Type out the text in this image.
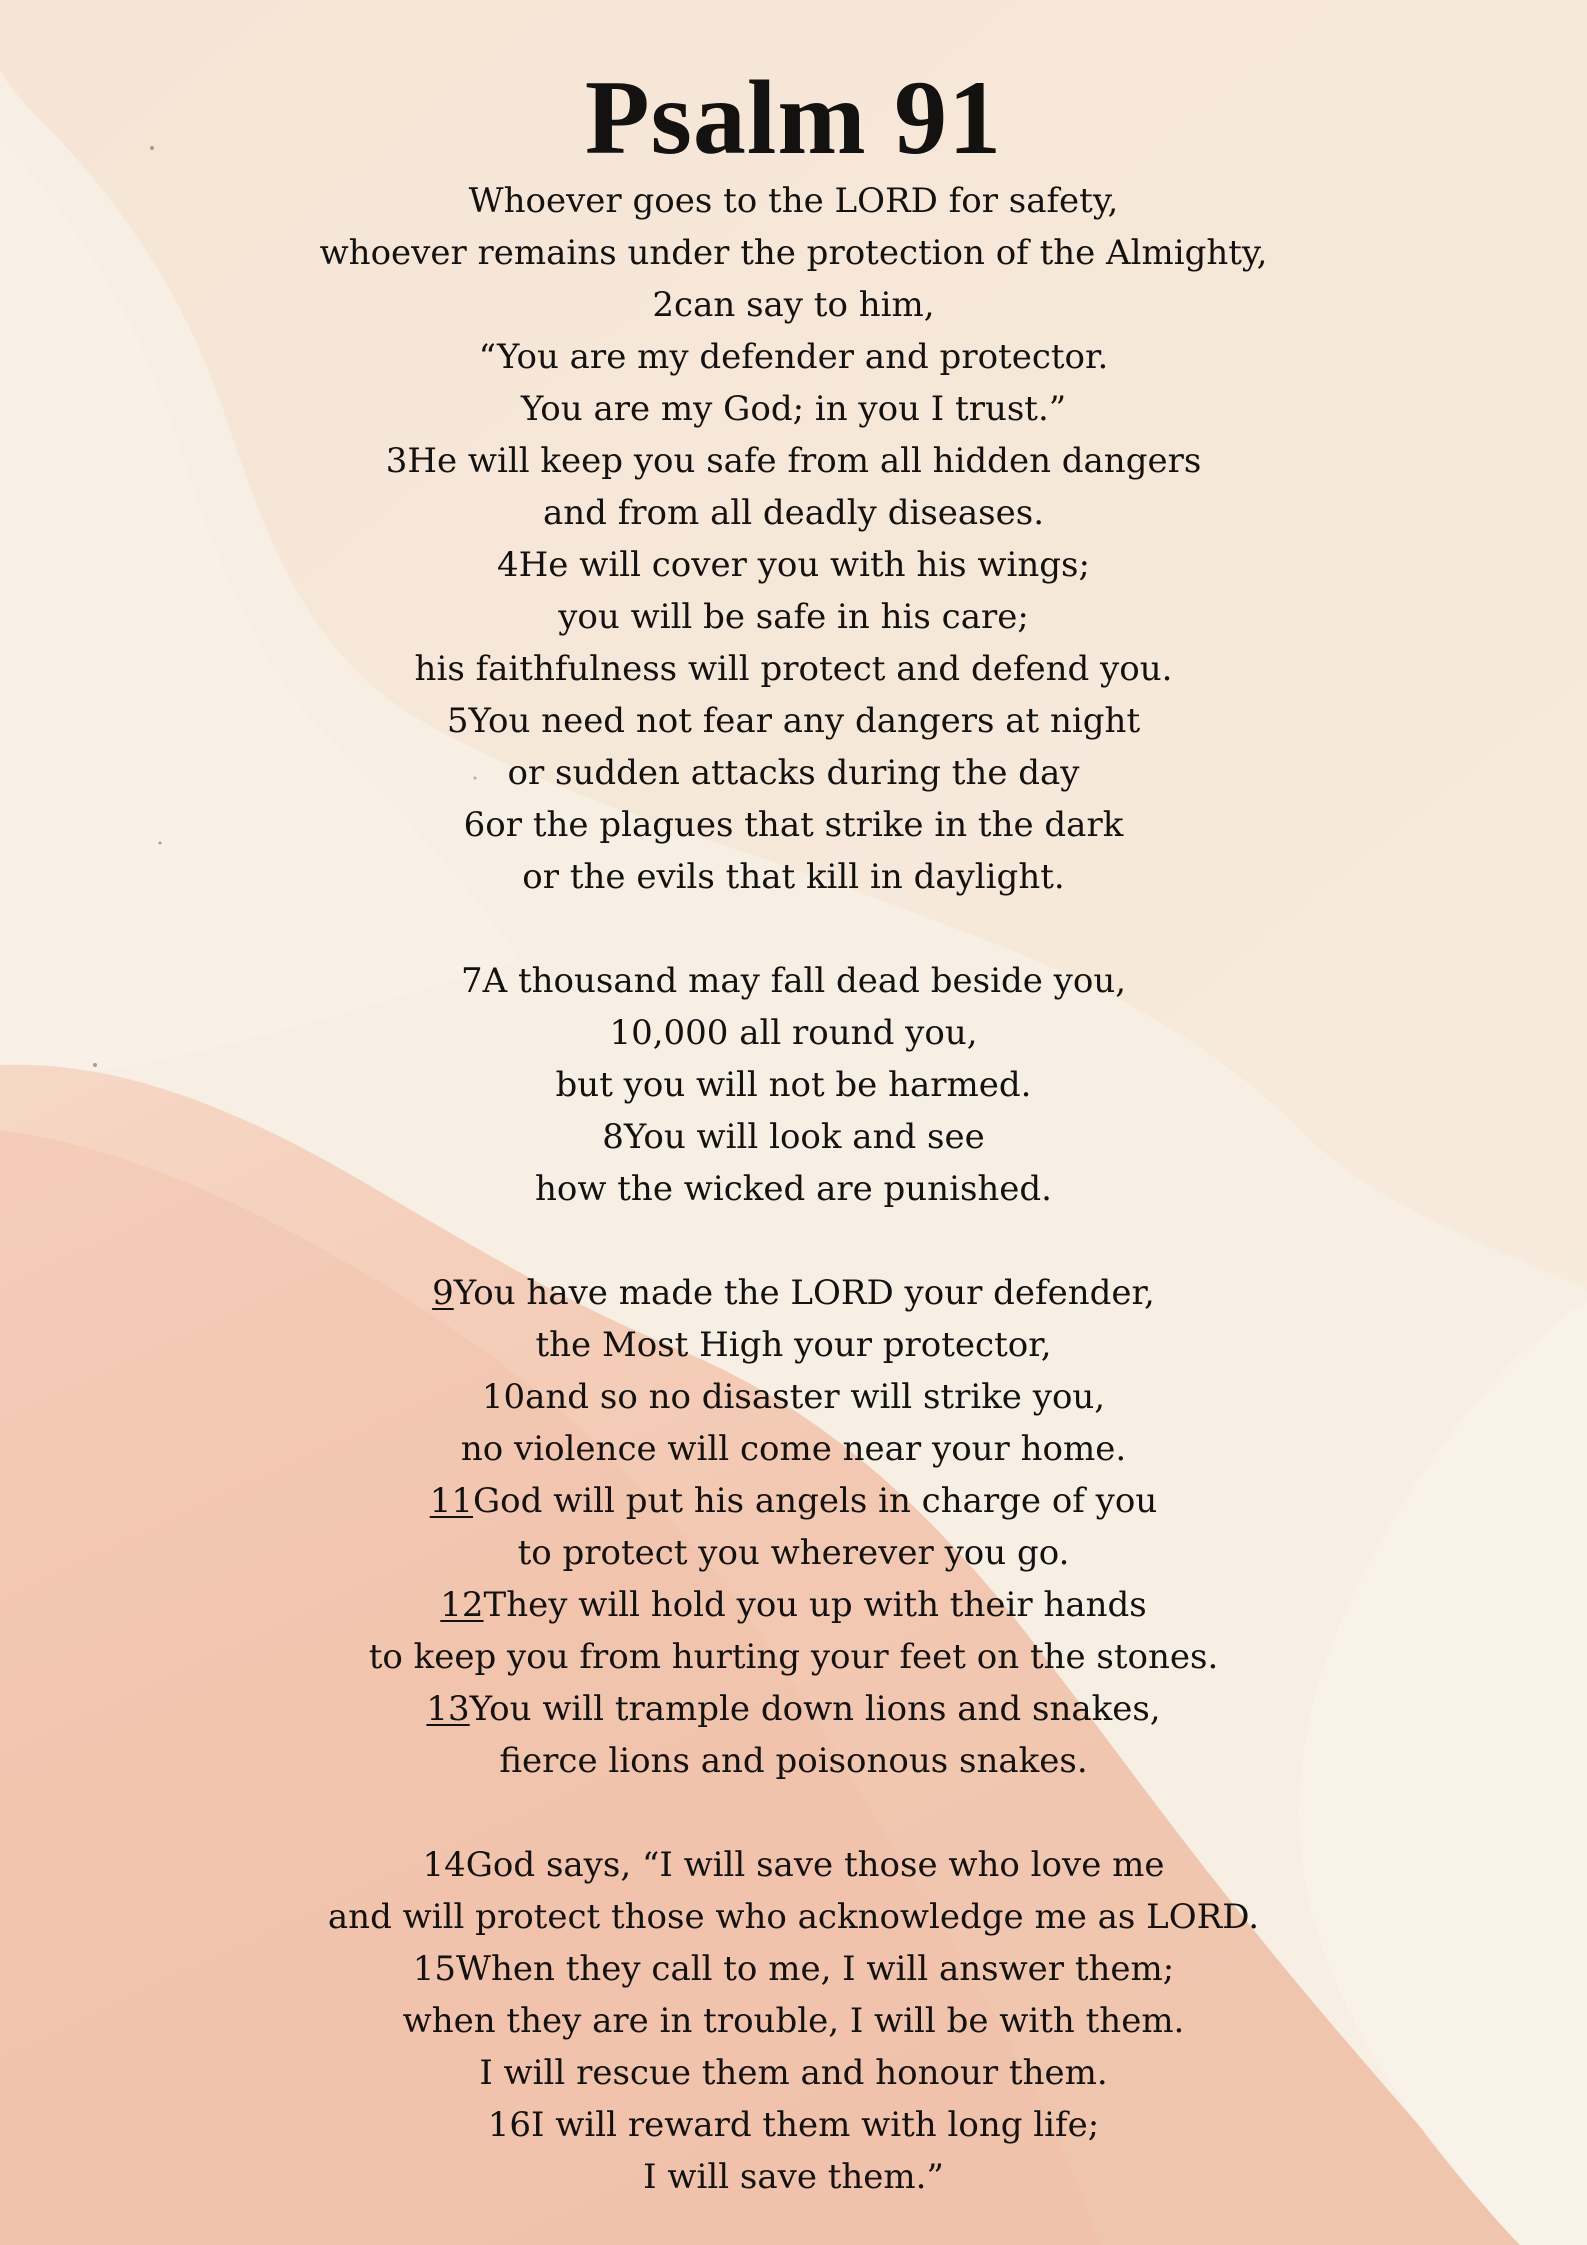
Psalm 91
Whoever goes to the LORD for safety,
whoever remains under the protection of the Almighty,
2can say to him,
“You are my defender and protector.
You are my God; in you I trust.”
3He will keep you safe from all hidden dangers
and from all deadly diseases.
4He will cover you with his wings;
you will be safe in his care;
his faithfulness will protect and defend you.
5You need not fear any dangers at night
or sudden attacks during the day
6or the plagues that strike in the dark
or the evils that kill in daylight.
7A thousand may fall dead beside you,
10,000 all round you,
but you will not be harmed.
8You will look and see
how the wicked are punished.
9You have made the LORD your defender,
the Most High your protector,
10and so no disaster will strike you,
no violence will come near your home.
11God will put his angels in charge of you
to protect you wherever you go.
12They will hold you up with their hands
to keep you from hurting your feet on the stones.
13You will trample down lions and snakes,
fierce lions and poisonous snakes.
14God says, “I will save those who love me
and will protect those who acknowledge me as LORD.
15When they call to me, I will answer them;
when they are in trouble, I will be with them.
I will rescue them and honour them.
16I will reward them with long life;
I will save them.”
